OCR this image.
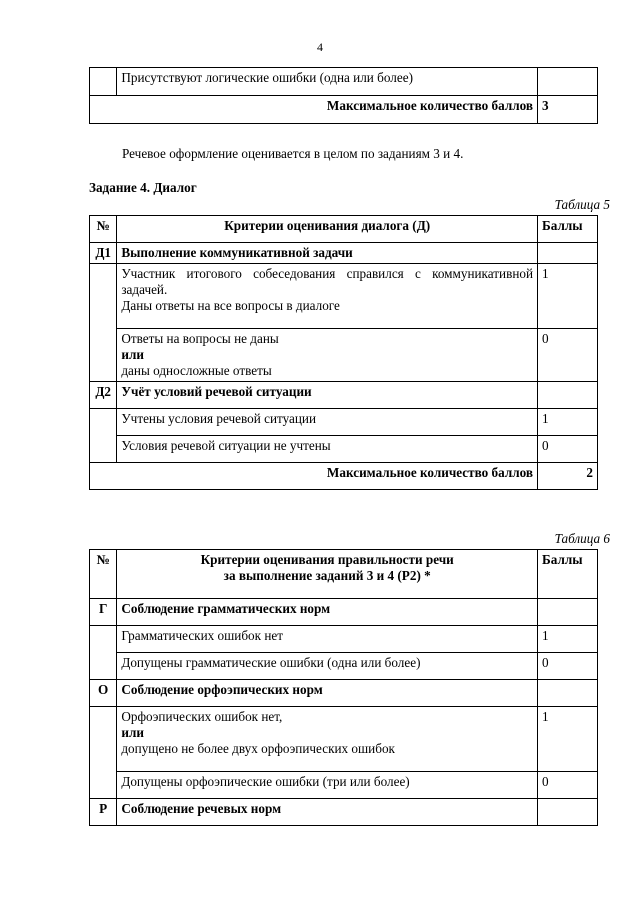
4
	Присутствуют логические ошибки (одна или более)	
Максимальное количество баллов		3
Речевое оформление оценивается в целом по заданиям 3 и 4.
Задание 4. Диалог
Таблица 5
№	Критерии оценивания диалога (Д)	Баллы
Д1	Выполнение коммуникативной задачи	

	Участник итогового собеседования справился с коммуникативной задачей.
Даны ответы на все вопросы в диалоге	1

	Ответы на вопросы не даны
или
даны односложные ответы	0
Д2	Учёт условий речевой ситуации	
	Учтены условия речевой ситуации	1
	Условия речевой ситуации не учтены	0
Максимальное количество баллов		2
Таблица 6
№	Критерии оценивания правильности речи
за выполнение заданий 3 и 4 (Р2) *	Баллы
Г	Соблюдение грамматических норм	
	Грамматических ошибок нет	1
	Допущены грамматические ошибки (одна или более)	0
О	Соблюдение орфоэпических норм	

	Орфоэпических ошибок нет,
или
допущено не более двух орфоэпических ошибок	1
	Допущены орфоэпические ошибки (три или более)	0
Р	Соблюдение речевых норм	
